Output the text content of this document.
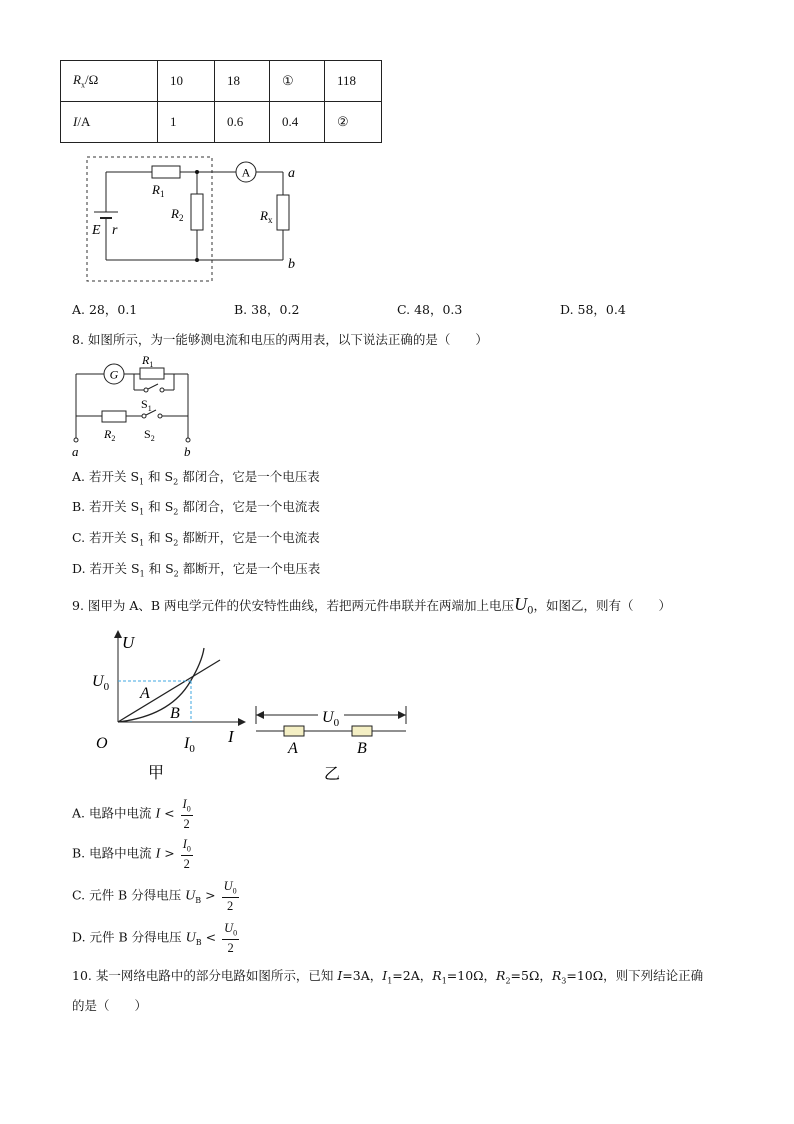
$R_x/\Omega$	10	18	①	118
I/A	1	0.6	0.4	②
A
$R_1$
$R_2$	$R_x$
a
b
E r
A. 28，0.1	B. 38，0.2	C. 48，0.3	D. 58，0.4
8. 如图所示，为一能够测电流和电压的两用表，以下说法正确的是（　　）
G
$R_1$
$S_1$
$R_2$ $S_2$
a	b
A. 若开关 $S_1$ 和 $S_2$ 都闭合，它是一个电压表
B. 若开关 $S_1$ 和 $S_2$ 都闭合，它是一个电流表
C. 若开关 $S_1$ 和 $S_2$ 都断开，它是一个电流表
D. 若开关 $S_1$ 和 $S_2$ 都断开，它是一个电压表
9. 图甲为 A、B 两电学元件的伏安特性曲线，若把两元件串联并在两端加上电压$U_0$，如图乙，则有（　　）
U
$U_0$ A
B
O	$I_0$
I
甲
$U_0$
A	B
乙
A. 电路中电流 $I < \frac{I_0}{2}$
B. 电路中电流 $I > \frac{I_0}{2}$
C. 元件 B 分得电压 $U_B > \frac{U_0}{2}$
D. 元件 B 分得电压 $U_B < \frac{U_0}{2}$
10. 某一网络电路中的部分电路如图所示，已知 I=3A，$I_1=2A$，$R_1=10\Omega$，$R_2=5\Omega$，$R_3=10\Omega$，则下列结论正确
的是（　　）
